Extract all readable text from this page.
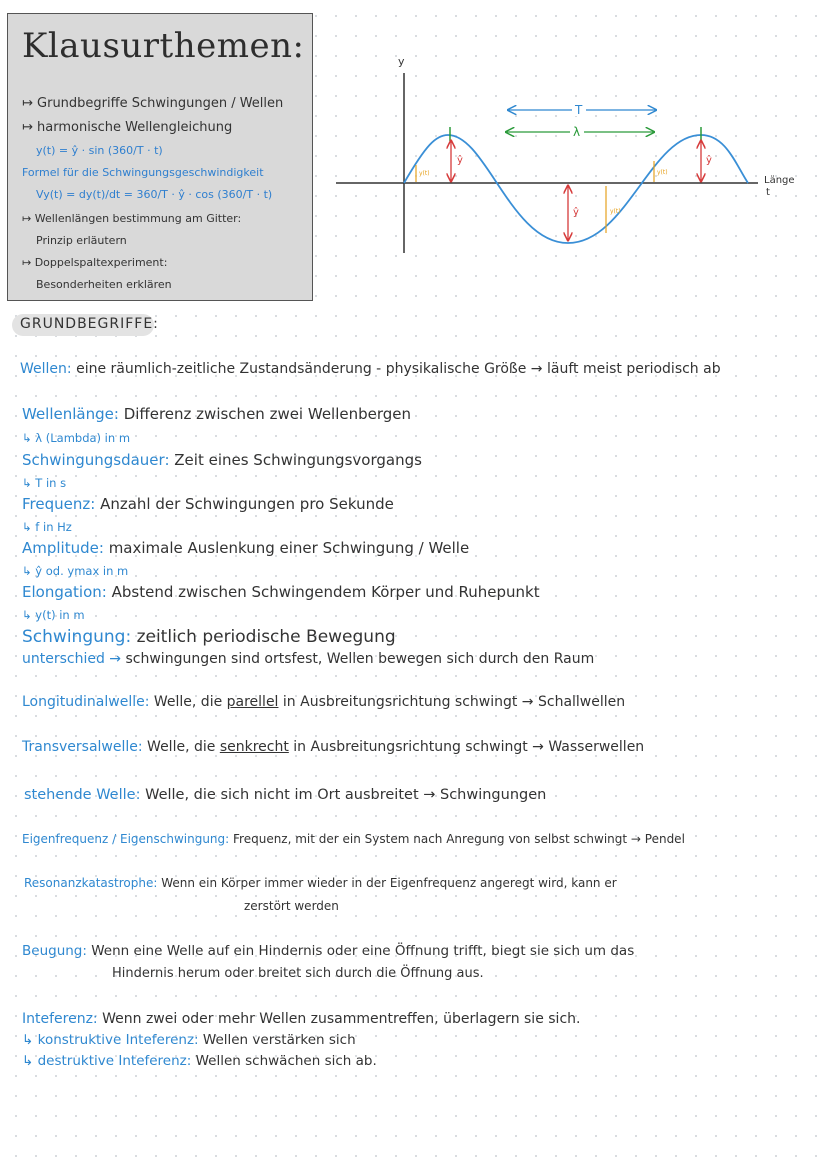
Klausurthemen:
↦ Grundbegriffe Schwingungen / Wellen
↦ harmonische Wellengleichung
y(t) = ŷ · sin (360/T · t)
Formel für die Schwingungsgeschwindigkeit
Vy(t) = dy(t)/dt = 360/T · ŷ · cos (360/T · t)
↦ Wellenlängen bestimmung am Gitter:
Prinzip erläutern
↦ Doppelspaltexperiment:
Besonderheiten erklären
y
Länge
t
T
λ
ŷ
ŷ
ŷ
y(t)
y(t)
y(t)
GRUNDBEGRIFFE:
Wellen: eine räumlich-zeitliche Zustandsänderung - physikalische Größe → läuft meist periodisch ab
Wellenlänge: Differenz zwischen zwei Wellenbergen
↳ λ (Lambda) in m
Schwingungsdauer: Zeit eines Schwingungsvorgangs
↳ T in s
Frequenz: Anzahl der Schwingungen pro Sekunde
↳ f in Hz
Amplitude: maximale Auslenkung einer Schwingung / Welle
↳ ŷ od. ymax in m
Elongation: Abstend zwischen Schwingendem Körper und Ruhepunkt
↳ y(t) in m
Schwingung: zeitlich periodische Bewegung
unterschied → schwingungen sind ortsfest, Wellen bewegen sich durch den Raum
Longitudinalwelle: Welle, die parellel in Ausbreitungsrichtung schwingt → Schallwellen
Transversalwelle: Welle, die senkrecht in Ausbreitungsrichtung schwingt → Wasserwellen
stehende Welle: Welle, die sich nicht im Ort ausbreitet → Schwingungen
Eigenfrequenz / Eigenschwingung: Frequenz, mit der ein System nach Anregung von selbst schwingt → Pendel
Resonanzkatastrophe: Wenn ein Körper immer wieder in der Eigenfrequenz angeregt wird, kann er
zerstört werden
Beugung: Wenn eine Welle auf ein Hindernis oder eine Öffnung trifft, biegt sie sich um das
Hindernis herum oder breitet sich durch die Öffnung aus.
Inteferenz: Wenn zwei oder mehr Wellen zusammentreffen, überlagern sie sich.
↳ konstruktive Inteferenz: Wellen verstärken sich
↳ destruktive Inteferenz: Wellen schwächen sich ab.
